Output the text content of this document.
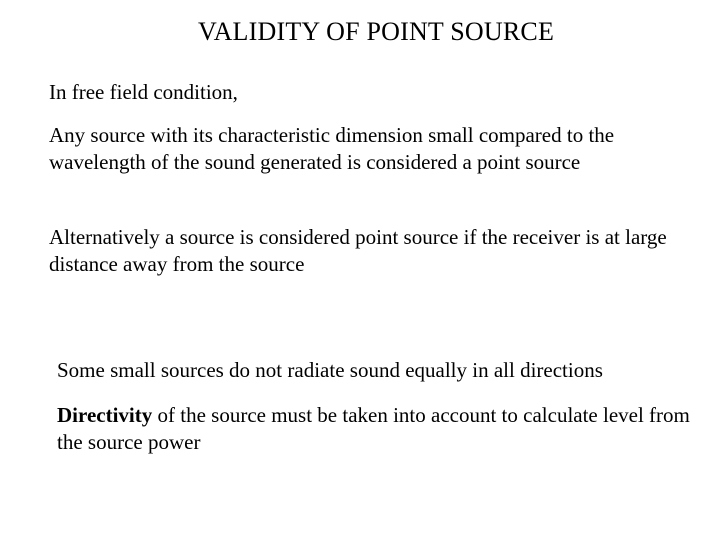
VALIDITY OF POINT SOURCE

In free field condition,

Any source with its characteristic dimension small compared to the wavelength of the sound generated is considered a point source

Alternatively a source is considered point source if the receiver is at large distance away from the source

Some small sources do not radiate sound equally in all directions

Directivity of the source must be taken into account to calculate level from the source power
